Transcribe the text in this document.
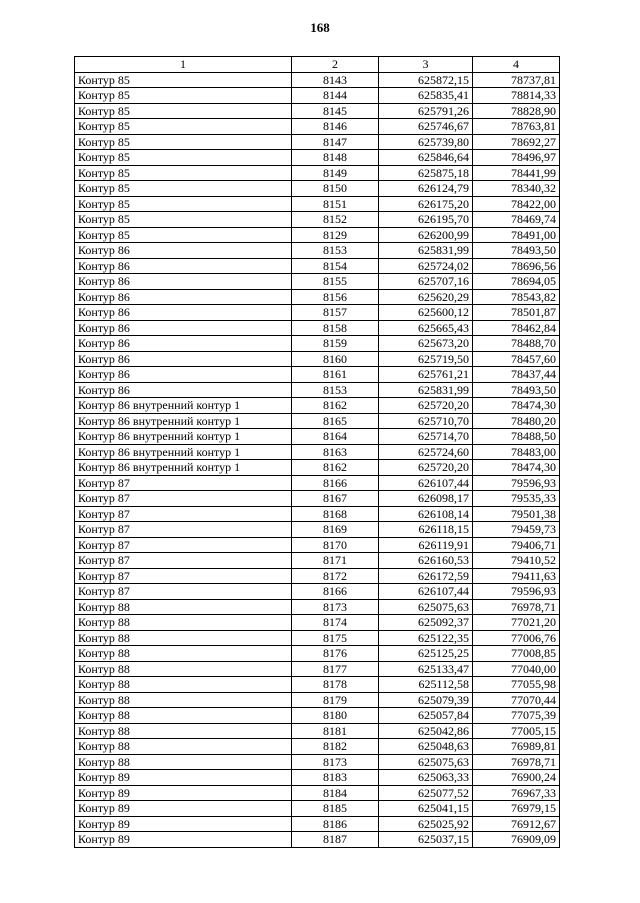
168
1	2	3	4
Контур 85	8143	625872,15	78737,81
Контур 85	8144	625835,41	78814,33
Контур 85	8145	625791,26	78828,90
Контур 85	8146	625746,67	78763,81
Контур 85	8147	625739,80	78692,27
Контур 85	8148	625846,64	78496,97
Контур 85	8149	625875,18	78441,99
Контур 85	8150	626124,79	78340,32
Контур 85	8151	626175,20	78422,00
Контур 85	8152	626195,70	78469,74
Контур 85	8129	626200,99	78491,00
Контур 86	8153	625831,99	78493,50
Контур 86	8154	625724,02	78696,56
Контур 86	8155	625707,16	78694,05
Контур 86	8156	625620,29	78543,82
Контур 86	8157	625600,12	78501,87
Контур 86	8158	625665,43	78462,84
Контур 86	8159	625673,20	78488,70
Контур 86	8160	625719,50	78457,60
Контур 86	8161	625761,21	78437,44
Контур 86	8153	625831,99	78493,50
Контур 86 внутренний контур 1	8162	625720,20	78474,30
Контур 86 внутренний контур 1	8165	625710,70	78480,20
Контур 86 внутренний контур 1	8164	625714,70	78488,50
Контур 86 внутренний контур 1	8163	625724,60	78483,00
Контур 86 внутренний контур 1	8162	625720,20	78474,30
Контур 87	8166	626107,44	79596,93
Контур 87	8167	626098,17	79535,33
Контур 87	8168	626108,14	79501,38
Контур 87	8169	626118,15	79459,73
Контур 87	8170	626119,91	79406,71
Контур 87	8171	626160,53	79410,52
Контур 87	8172	626172,59	79411,63
Контур 87	8166	626107,44	79596,93
Контур 88	8173	625075,63	76978,71
Контур 88	8174	625092,37	77021,20
Контур 88	8175	625122,35	77006,76
Контур 88	8176	625125,25	77008,85
Контур 88	8177	625133,47	77040,00
Контур 88	8178	625112,58	77055,98
Контур 88	8179	625079,39	77070,44
Контур 88	8180	625057,84	77075,39
Контур 88	8181	625042,86	77005,15
Контур 88	8182	625048,63	76989,81
Контур 88	8173	625075,63	76978,71
Контур 89	8183	625063,33	76900,24
Контур 89	8184	625077,52	76967,33
Контур 89	8185	625041,15	76979,15
Контур 89	8186	625025,92	76912,67
Контур 89	8187	625037,15	76909,09
